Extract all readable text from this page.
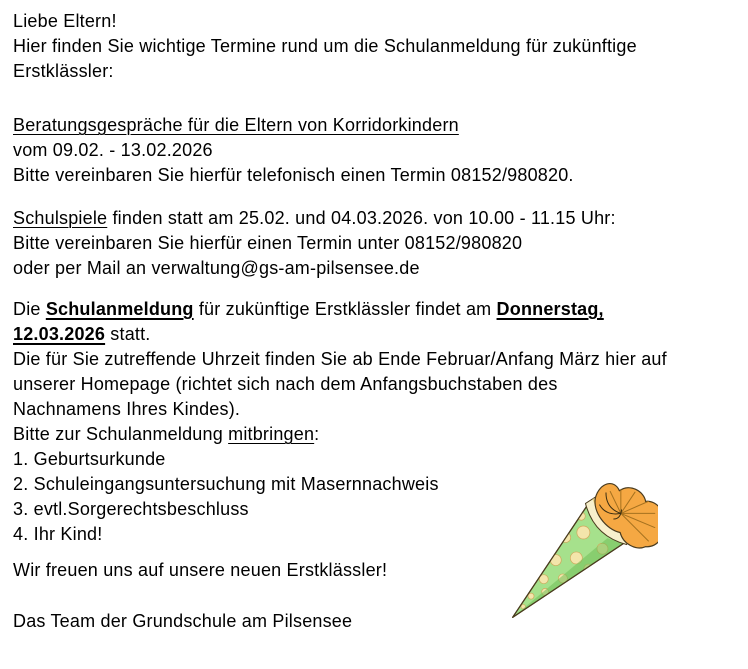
Liebe Eltern!
Hier finden Sie wichtige Termine rund um die Schulanmeldung für zukünftige
Erstklässler:
Beratungsgespräche für die Eltern von Korridorkindern
vom 09.02. - 13.02.2026
Bitte vereinbaren Sie hierfür telefonisch einen Termin 08152/980820.
Schulspiele finden statt am 25.02. und 04.03.2026. von 10.00 - 11.15 Uhr:
Bitte vereinbaren Sie hierfür einen Termin unter 08152/980820
oder per Mail an verwaltung@gs-am-pilsensee.de
Die Schulanmeldung für zukünftige Erstklässler findet am Donnerstag,
12.03.2026 statt.
Die für Sie zutreffende Uhrzeit finden Sie ab Ende Februar/Anfang März hier auf
unserer Homepage (richtet sich nach dem Anfangsbuchstaben des
Nachnamens Ihres Kindes).
Bitte zur Schulanmeldung mitbringen:
1. Geburtsurkunde
2. Schuleingangsuntersuchung mit Masernnachweis
3. evtl.Sorgerechtsbeschluss
4. Ihr Kind!
Wir freuen uns auf unsere neuen Erstklässler!
Das Team der Grundschule am Pilsensee
